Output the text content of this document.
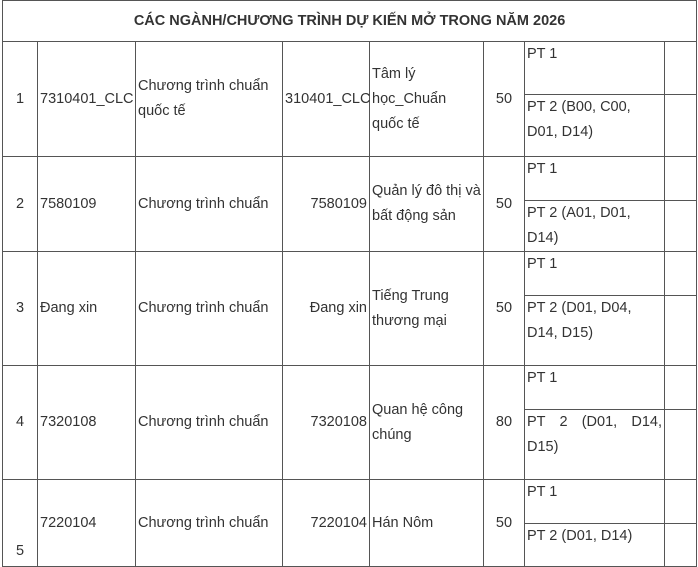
CÁC NGÀNH/CHƯƠNG TRÌNH DỰ KIẾN MỞ TRONG NĂM 2026							
1	7310401_CLC	Chương trình chuẩn quốc tế	310401_CLC	Tâm lý học_Chuẩn quốc tế	50	PT 1	
						PT 2 (B00, C00, D01, D14)	
2	7580109	Chương trình chuẩn	7580109	Quản lý đô thị và bất động sản	50	PT 1	
						PT 2 (A01, D01, D14)	
3	Đang xin	Chương trình chuẩn	Đang xin	Tiếng Trung thương mại	50	PT 1	
						PT 2 (D01, D04, D14, D15)	
4	7320108	Chương trình chuẩn	7320108	Quan hệ công chúng	80	PT 1	
						PT 2 (D01, D14, D15)	
5	7220104	Chương trình chuẩn	7220104	Hán Nôm	50	PT 1	
						PT 2 (D01, D14)	
